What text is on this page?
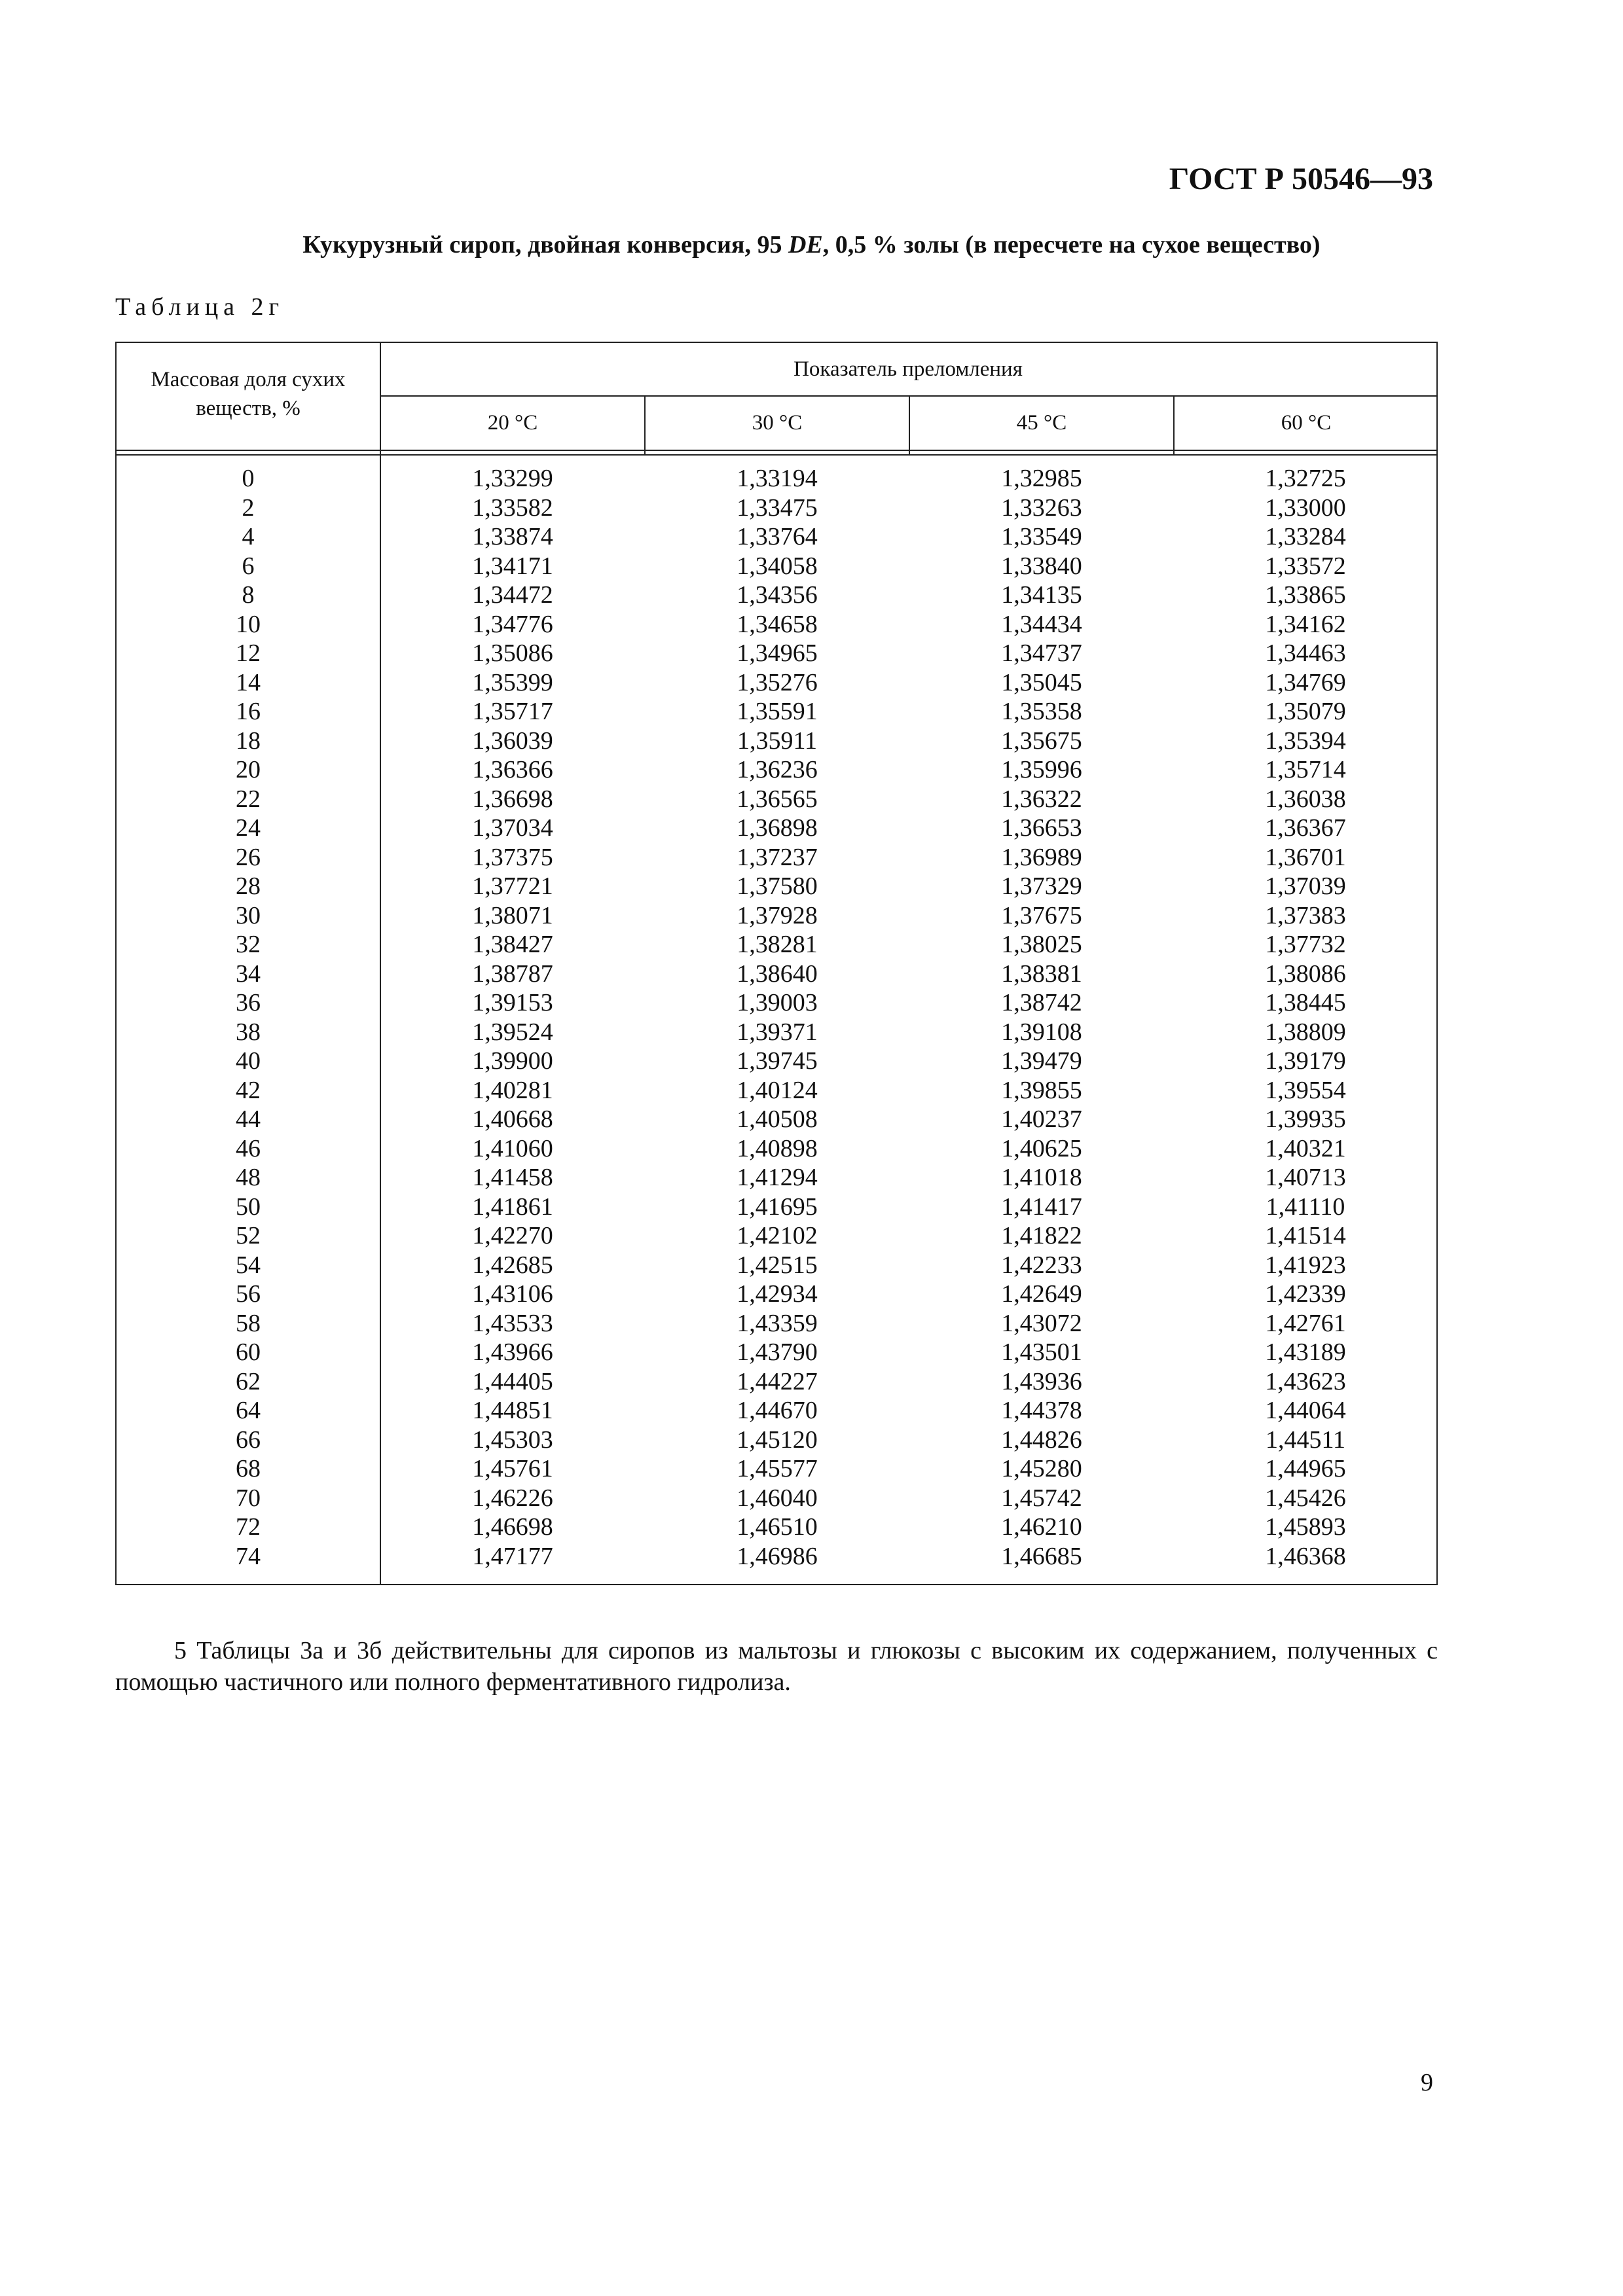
ГОСТ Р 50546—93
Кукурузный сироп, двойная конверсия, 95 DE, 0,5 % золы (в пересчете на сухое вещество)
Таблица 2г
Массовая доля сухих веществ, %
Показатель преломления
20 °C	30 °C	45 °C	60 °C
0	1,33299	1,33194	1,32985	1,32725
2	1,33582	1,33475	1,33263	1,33000
4	1,33874	1,33764	1,33549	1,33284
6	1,34171	1,34058	1,33840	1,33572
8	1,34472	1,34356	1,34135	1,33865
10	1,34776	1,34658	1,34434	1,34162
12	1,35086	1,34965	1,34737	1,34463
14	1,35399	1,35276	1,35045	1,34769
16	1,35717	1,35591	1,35358	1,35079
18	1,36039	1,35911	1,35675	1,35394
20	1,36366	1,36236	1,35996	1,35714
22	1,36698	1,36565	1,36322	1,36038
24	1,37034	1,36898	1,36653	1,36367
26	1,37375	1,37237	1,36989	1,36701
28	1,37721	1,37580	1,37329	1,37039
30	1,38071	1,37928	1,37675	1,37383
32	1,38427	1,38281	1,38025	1,37732
34	1,38787	1,38640	1,38381	1,38086
36	1,39153	1,39003	1,38742	1,38445
38	1,39524	1,39371	1,39108	1,38809
40	1,39900	1,39745	1,39479	1,39179
42	1,40281	1,40124	1,39855	1,39554
44	1,40668	1,40508	1,40237	1,39935
46	1,41060	1,40898	1,40625	1,40321
48	1,41458	1,41294	1,41018	1,40713
50	1,41861	1,41695	1,41417	1,41110
52	1,42270	1,42102	1,41822	1,41514
54	1,42685	1,42515	1,42233	1,41923
56	1,43106	1,42934	1,42649	1,42339
58	1,43533	1,43359	1,43072	1,42761
60	1,43966	1,43790	1,43501	1,43189
62	1,44405	1,44227	1,43936	1,43623
64	1,44851	1,44670	1,44378	1,44064
66	1,45303	1,45120	1,44826	1,44511
68	1,45761	1,45577	1,45280	1,44965
70	1,46226	1,46040	1,45742	1,45426
72	1,46698	1,46510	1,46210	1,45893
74	1,47177	1,46986	1,46685	1,46368
5 Таблицы 3а и 3б действительны для сиропов из мальтозы и глюкозы с высоким их содержанием, полученных с помощью частичного или полного ферментативного гидролиза.
9
